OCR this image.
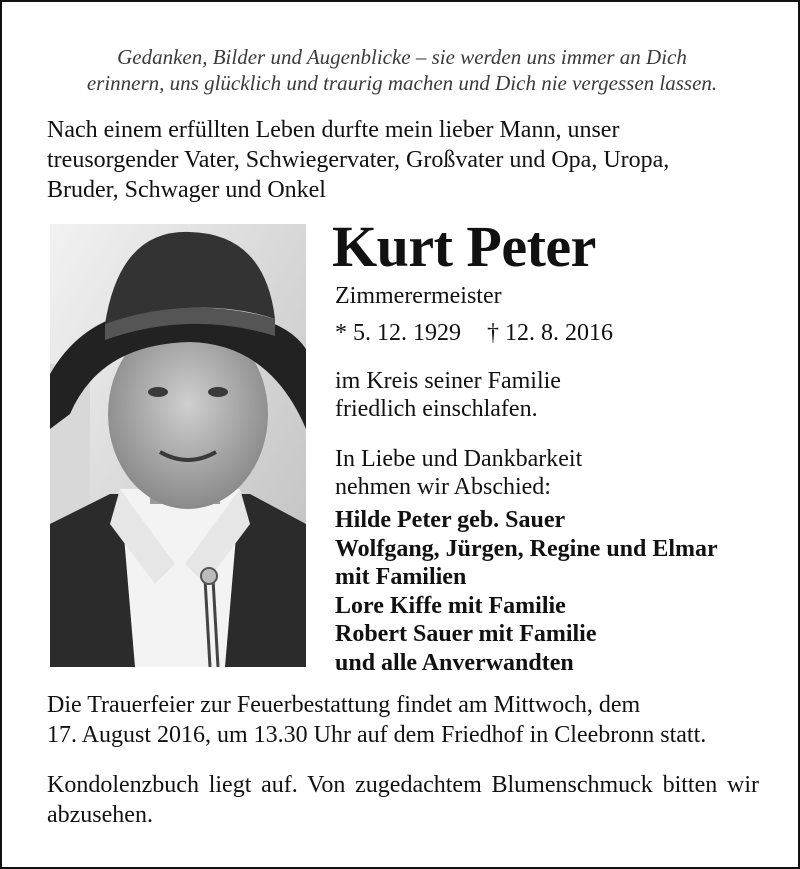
Gedanken, Bilder und Augenblicke – sie werden uns immer an Dich
erinnern, uns glücklich und traurig machen und Dich nie vergessen lassen.
Nach einem erfüllten Leben durfte mein lieber Mann, unser
treusorgender Vater, Schwiegervater, Großvater und Opa, Uropa,
Bruder, Schwager und Onkel
Kurt Peter
Zimmerermeister
* 5. 12. 1929 † 12. 8. 2016
im Kreis seiner Familie
friedlich einschlafen.
In Liebe und Dankbarkeit
nehmen wir Abschied:
Hilde Peter geb. Sauer
Wolfgang, Jürgen, Regine und Elmar
mit Familien
Lore Kiffe mit Familie
Robert Sauer mit Familie
und alle Anverwandten
Die Trauerfeier zur Feuerbestattung findet am Mittwoch, dem
17. August 2016, um 13.30 Uhr auf dem Friedhof in Cleebronn statt.
Kondolenzbuch liegt auf. Von zugedachtem Blumenschmuck bitten wir abzusehen.
